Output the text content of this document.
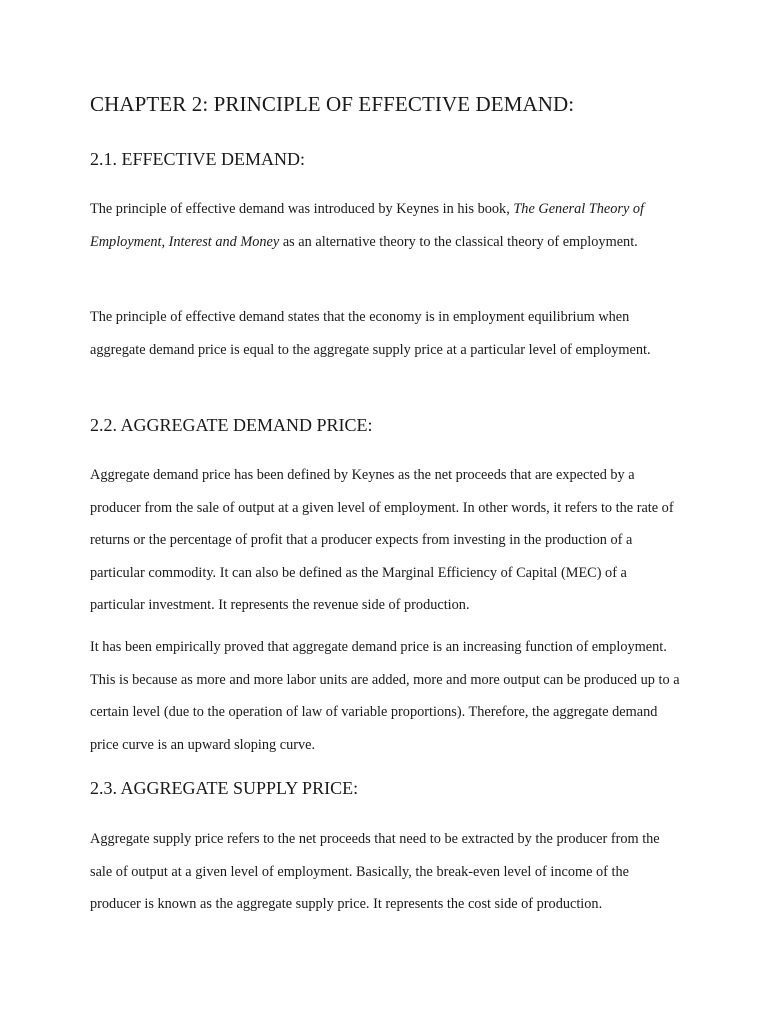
CHAPTER 2: PRINCIPLE OF EFFECTIVE DEMAND:
2.1. EFFECTIVE DEMAND:

The principle of effective demand was introduced by Keynes in his book, The General Theory of Employment, Interest and Money as an alternative theory to the classical theory of employment.

The principle of effective demand states that the economy is in employment equilibrium when aggregate demand price is equal to the aggregate supply price at a particular level of employment.

2.2. AGGREGATE DEMAND PRICE:

Aggregate demand price has been defined by Keynes as the net proceeds that are expected by a producer from the sale of output at a given level of employment. In other words, it refers to the rate of returns or the percentage of profit that a producer expects from investing in the production of a particular commodity. It can also be defined as the Marginal Efficiency of Capital (MEC) of a particular investment. It represents the revenue side of production.

It has been empirically proved that aggregate demand price is an increasing function of employment. This is because as more and more labor units are added, more and more output can be produced up to a certain level (due to the operation of law of variable proportions). Therefore, the aggregate demand price curve is an upward sloping curve.

2.3. AGGREGATE SUPPLY PRICE:

Aggregate supply price refers to the net proceeds that need to be extracted by the producer from the sale of output at a given level of employment. Basically, the break-even level of income of the producer is known as the aggregate supply price. It represents the cost side of production.
